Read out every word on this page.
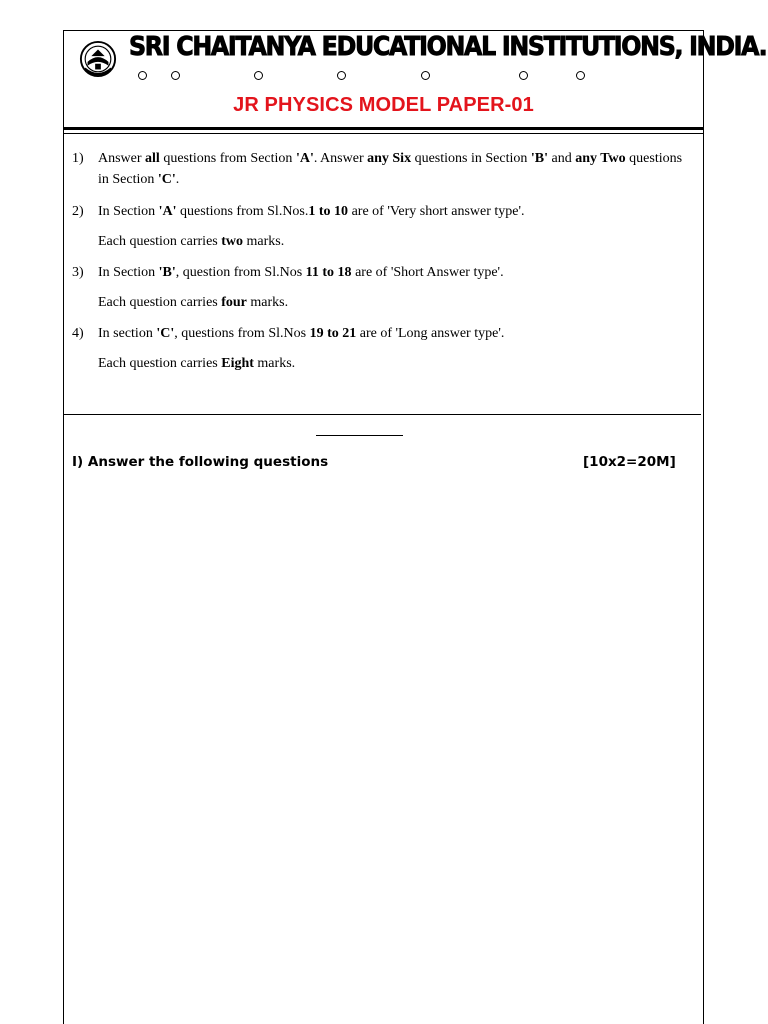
SRI CHAITANYA EDUCATIONAL INSTITUTIONS, INDIA.
JR PHYSICS MODEL PAPER-01
1) Answer all questions from Section 'A'. Answer any Six questions in Section 'B' and any Two questions in Section 'C'.
2) In Section 'A' questions from Sl.Nos.1 to 10 are of 'Very short answer type'.
Each question carries two marks.
3) In Section 'B', question from Sl.Nos 11 to 18 are of 'Short Answer type'.
Each question carries four marks.
4) In section 'C', questions from Sl.Nos 19 to 21 are of 'Long answer type'.
Each question carries Eight marks.
I) Answer the following questions	[10x2=20M]
